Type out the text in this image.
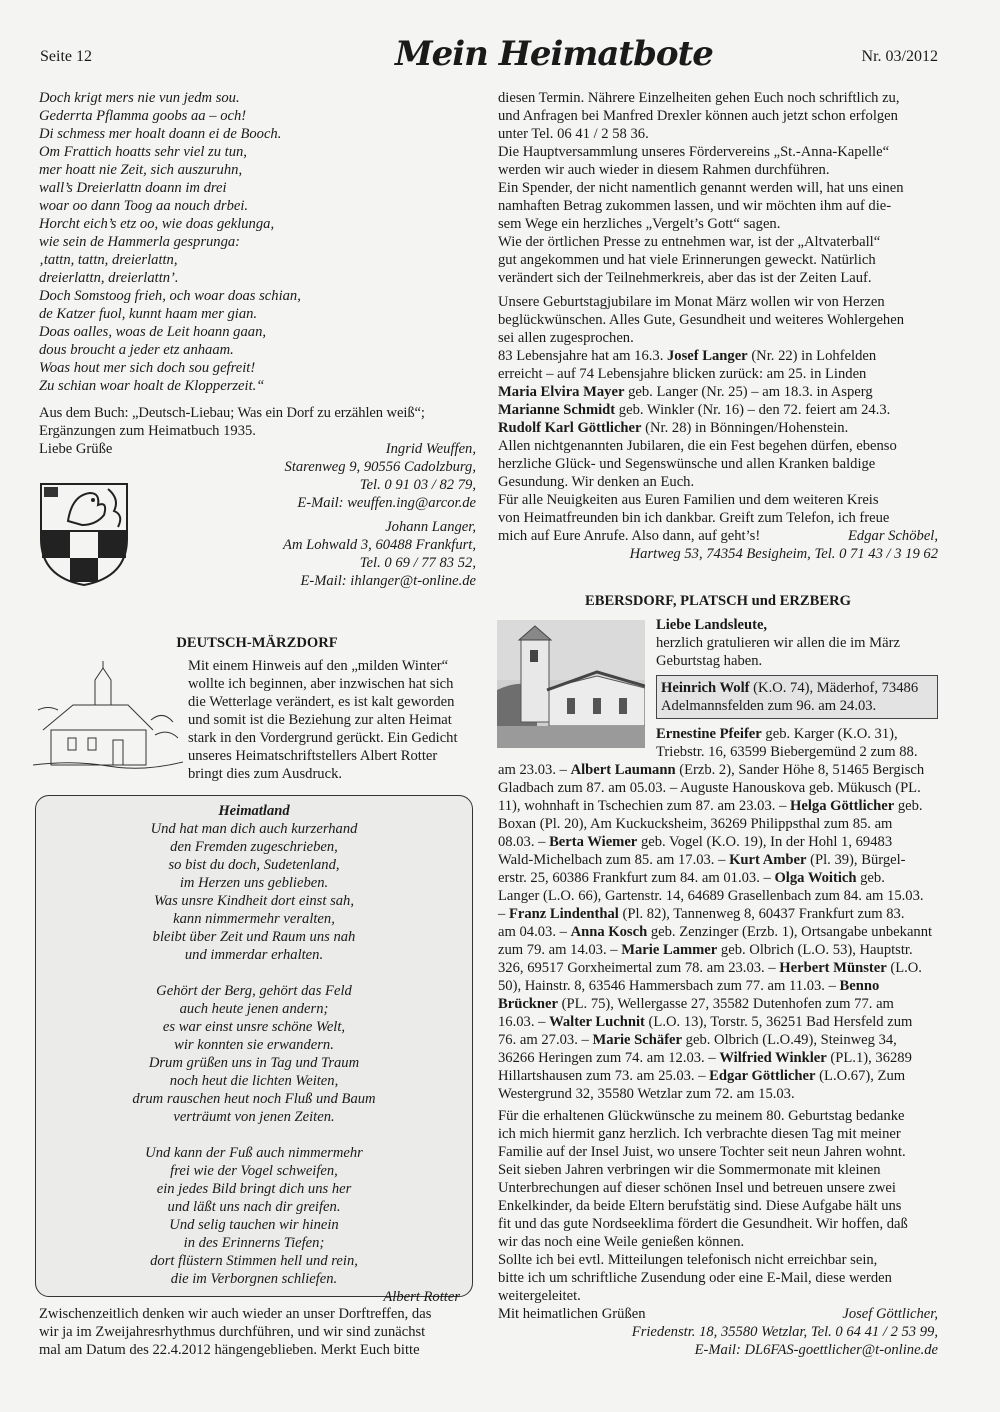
Seite 12	Mein Heimatbote	Nr. 03/2012
Doch krigt mers nie vun jedm sou.
Gederrta Pflamma goobs aa – och!
Di schmess mer hoalt doann ei de Booch.
Om Frattich hoatts sehr viel zu tun,
mer hoatt nie Zeit, sich auszuruhn,
wall’s Dreierlattn doann im drei
woar oo dann Toog aa nouch drbei.
Horcht eich’s etz oo, wie doas geklunga,
wie sein de Hammerla gesprunga:
‚tattn, tattn, dreierlattn,
dreierlattn, dreierlattn’.
Doch Somstoog frieh, och woar doas schian,
de Katzer fuol, kunnt haam mer gian.
Doas oalles, woas de Leit hoann gaan,
dous broucht a jeder etz anhaam.
Woas hout mer sich doch sou gefreit!
Zu schian woar hoalt de Klopperzeit.“
Aus dem Buch: „Deutsch-Liebau; Was ein Dorf zu erzählen weiß“;
Ergänzungen zum Heimatbuch 1935.
Liebe Grüße	Ingrid Weuffen,
Starenweg 9, 90556 Cadolzburg,
Tel. 0 91 03 / 82 79,
E-Mail: weuffen.ing@arcor.de
Johann Langer,
Am Lohwald 3, 60488 Frankfurt,
Tel. 0 69 / 77 83 52,
E-Mail: ihlanger@t-online.de
DEUTSCH-MÄRZDORF
Mit einem Hinweis auf den „milden Winter“
wollte ich beginnen, aber inzwischen hat sich
die Wetterlage verändert, es ist kalt geworden
und somit ist die Beziehung zur alten Heimat
stark in den Vordergrund gerückt. Ein Gedicht
unseres Heimatschriftstellers Albert Rotter
bringt dies zum Ausdruck.
Heimatland
Und hat man dich auch kurzerhand
den Fremden zugeschrieben,
so bist du doch, Sudetenland,
im Herzen uns geblieben.
Was unsre Kindheit dort einst sah,
kann nimmermehr veralten,
bleibt über Zeit und Raum uns nah
und immerdar erhalten.
Gehört der Berg, gehört das Feld
auch heute jenen andern;
es war einst unsre schöne Welt,
wir konnten sie erwandern.
Drum grüßen uns in Tag und Traum
noch heut die lichten Weiten,
drum rauschen heut noch Fluß und Baum
verträumt von jenen Zeiten.
Und kann der Fuß auch nimmermehr
frei wie der Vogel schweifen,
ein jedes Bild bringt dich uns her
und läßt uns nach dir greifen.
Und selig tauchen wir hinein
in des Erinnerns Tiefen;
dort flüstern Stimmen hell und rein,
die im Verborgnen schliefen.
Albert Rotter
Zwischenzeitlich denken wir auch wieder an unser Dorftreffen, das
wir ja im Zweijahresrhythmus durchführen, und wir sind zunächst
mal am Datum des 22.4.2012 hängengeblieben. Merkt Euch bitte
diesen Termin. Nährere Einzelheiten gehen Euch noch schriftlich zu,
und Anfragen bei Manfred Drexler können auch jetzt schon erfolgen
unter Tel. 06 41 / 2 58 36.
Die Hauptversammlung unseres Fördervereins „St.-Anna-Kapelle“
werden wir auch wieder in diesem Rahmen durchführen.
Ein Spender, der nicht namentlich genannt werden will, hat uns einen
namhaften Betrag zukommen lassen, und wir möchten ihm auf die-
sem Wege ein herzliches „Vergelt’s Gott“ sagen.
Wie der örtlichen Presse zu entnehmen war, ist der „Altvaterball“
gut angekommen und hat viele Erinnerungen geweckt. Natürlich
verändert sich der Teilnehmerkreis, aber das ist der Zeiten Lauf.
Unsere Geburtstagjubilare im Monat März wollen wir von Herzen
beglückwünschen. Alles Gute, Gesundheit und weiteres Wohlergehen
sei allen zugesprochen.
83 Lebensjahre hat am 16.3. Josef Langer (Nr. 22) in Lohfelden
erreicht – auf 74 Lebensjahre blicken zurück: am 25. in Linden
Maria Elvira Mayer geb. Langer (Nr. 25) – am 18.3. in Asperg
Marianne Schmidt geb. Winkler (Nr. 16) – den 72. feiert am 24.3.
Rudolf Karl Göttlicher (Nr. 28) in Bönningen/Hohenstein.
Allen nichtgenannten Jubilaren, die ein Fest begehen dürfen, ebenso
herzliche Glück- und Segenswünsche und allen Kranken baldige
Gesundung. Wir denken an Euch.
Für alle Neuigkeiten aus Euren Familien und dem weiteren Kreis
von Heimatfreunden bin ich dankbar. Greift zum Telefon, ich freue
mich auf Eure Anrufe. Also dann, auf geht’s!	Edgar Schöbel,
Hartweg 53, 74354 Besigheim, Tel. 0 71 43 / 3 19 62
EBERSDORF, PLATSCH und ERZBERG
Liebe Landsleute,
herzlich gratulieren wir allen die im März
Geburtstag haben.
Heinrich Wolf (K.O. 74), Mäderhof, 73486
Adelmannsfelden zum 96. am 24.03.
Ernestine Pfeifer geb. Karger (K.O. 31),
Triebstr. 16, 63599 Biebergemünd 2 zum 88.
am 23.03. – Albert Laumann (Erzb. 2), Sander Höhe 8, 51465 Bergisch
Gladbach zum 87. am 05.03. – Auguste Hanouskova geb. Mükusch (PL.
11), wohnhaft in Tschechien zum 87. am 23.03. – Helga Göttlicher geb.
Boxan (Pl. 20), Am Kuckucksheim, 36269 Philippsthal zum 85. am
08.03. – Berta Wiemer geb. Vogel (K.O. 19), In der Hohl 1, 69483
Wald-Michelbach zum 85. am 17.03. – Kurt Amber (Pl. 39), Bürgel-
erstr. 25, 60386 Frankfurt zum 84. am 01.03. – Olga Woitich geb.
Langer (L.O. 66), Gartenstr. 14, 64689 Grasellenbach zum 84. am 15.03.
– Franz Lindenthal (Pl. 82), Tannenweg 8, 60437 Frankfurt zum 83.
am 04.03. – Anna Kosch geb. Zenzinger (Erzb. 1), Ortsangabe unbekannt
zum 79. am 14.03. – Marie Lammer geb. Olbrich (L.O. 53), Hauptstr.
326, 69517 Gorxheimertal zum 78. am 23.03. – Herbert Münster (L.O.
50), Hainstr. 8, 63546 Hammersbach zum 77. am 11.03. – Benno
Brückner (PL. 75), Wellergasse 27, 35582 Dutenhofen zum 77. am
16.03. – Walter Luchnit (L.O. 13), Torstr. 5, 36251 Bad Hersfeld zum
76. am 27.03. – Marie Schäfer geb. Olbrich (L.O.49), Steinweg 34,
36266 Heringen zum 74. am 12.03. – Wilfried Winkler (PL.1), 36289
Hillartshausen zum 73. am 25.03. – Edgar Göttlicher (L.O.67), Zum
Westergrund 32, 35580 Wetzlar zum 72. am 15.03.
Für die erhaltenen Glückwünsche zu meinem 80. Geburtstag bedanke
ich mich hiermit ganz herzlich. Ich verbrachte diesen Tag mit meiner
Familie auf der Insel Juist, wo unsere Tochter seit neun Jahren wohnt.
Seit sieben Jahren verbringen wir die Sommermonate mit kleinen
Unterbrechungen auf dieser schönen Insel und betreuen unsere zwei
Enkelkinder, da beide Eltern berufstätig sind. Diese Aufgabe hält uns
fit und das gute Nordseeklima fördert die Gesundheit. Wir hoffen, daß
wir das noch eine Weile genießen können.
Sollte ich bei evtl. Mitteilungen telefonisch nicht erreichbar sein,
bitte ich um schriftliche Zusendung oder eine E-Mail, diese werden
weitergeleitet.
Mit heimatlichen Grüßen	Josef Göttlicher,
Friedenstr. 18, 35580 Wetzlar, Tel. 0 64 41 / 2 53 99,
E-Mail: DL6FAS-goettlicher@t-online.de
